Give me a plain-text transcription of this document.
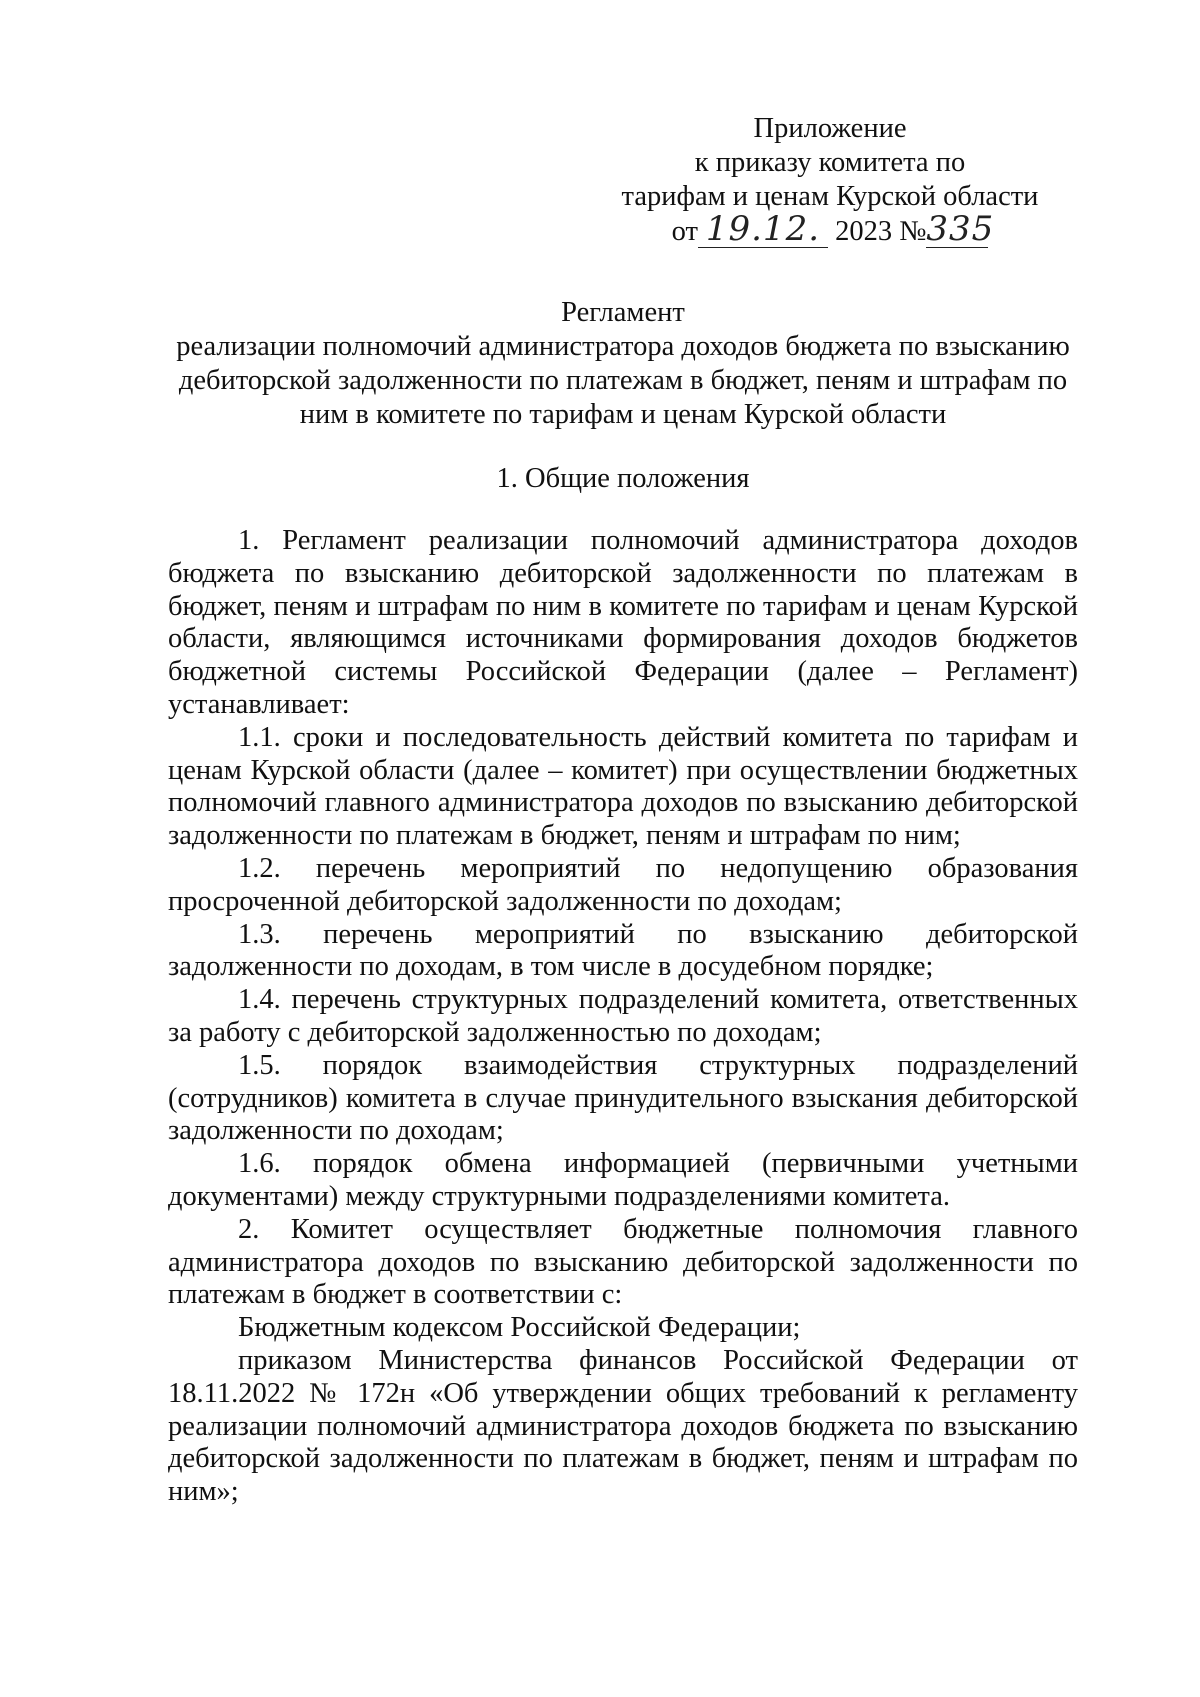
Приложение
к приказу комитета по
тарифам и ценам Курской области
от 19.12. 2023 №335
Регламент
реализации полномочий администратора доходов бюджета по взысканию дебиторской задолженности по платежам в бюджет, пеням и штрафам по ним в комитете по тарифам и ценам Курской области
1. Общие положения

1. Регламент реализации полномочий администратора доходов бюджета по взысканию дебиторской задолженности по платежам в бюджет, пеням и штрафам по ним в комитете по тарифам и ценам Курской области, являющимся источниками формирования доходов бюджетов бюджетной системы Российской Федерации (далее – Регламент) устанавливает:

1.1. сроки и последовательность действий комитета по тарифам и ценам Курской области (далее – комитет) при осуществлении бюджетных полномочий главного администратора доходов по взысканию дебиторской задолженности по платежам в бюджет, пеням и штрафам по ним;

1.2. перечень мероприятий по недопущению образования просроченной дебиторской задолженности по доходам;

1.3. перечень мероприятий по взысканию дебиторской задолженности по доходам, в том числе в досудебном порядке;

1.4. перечень структурных подразделений комитета, ответственных за работу с дебиторской задолженностью по доходам;

1.5. порядок взаимодействия структурных подразделений (сотрудников) комитета в случае принудительного взыскания дебиторской задолженности по доходам;

1.6. порядок обмена информацией (первичными учетными документами) между структурными подразделениями комитета.

2. Комитет осуществляет бюджетные полномочия главного администратора доходов по взысканию дебиторской задолженности по платежам в бюджет в соответствии с:

Бюджетным кодексом Российской Федерации;

приказом Министерства финансов Российской Федерации от 18.11.2022 № 172н «Об утверждении общих требований к регламенту реализации полномочий администратора доходов бюджета по взысканию дебиторской задолженности по платежам в бюджет, пеням и штрафам по ним»;
